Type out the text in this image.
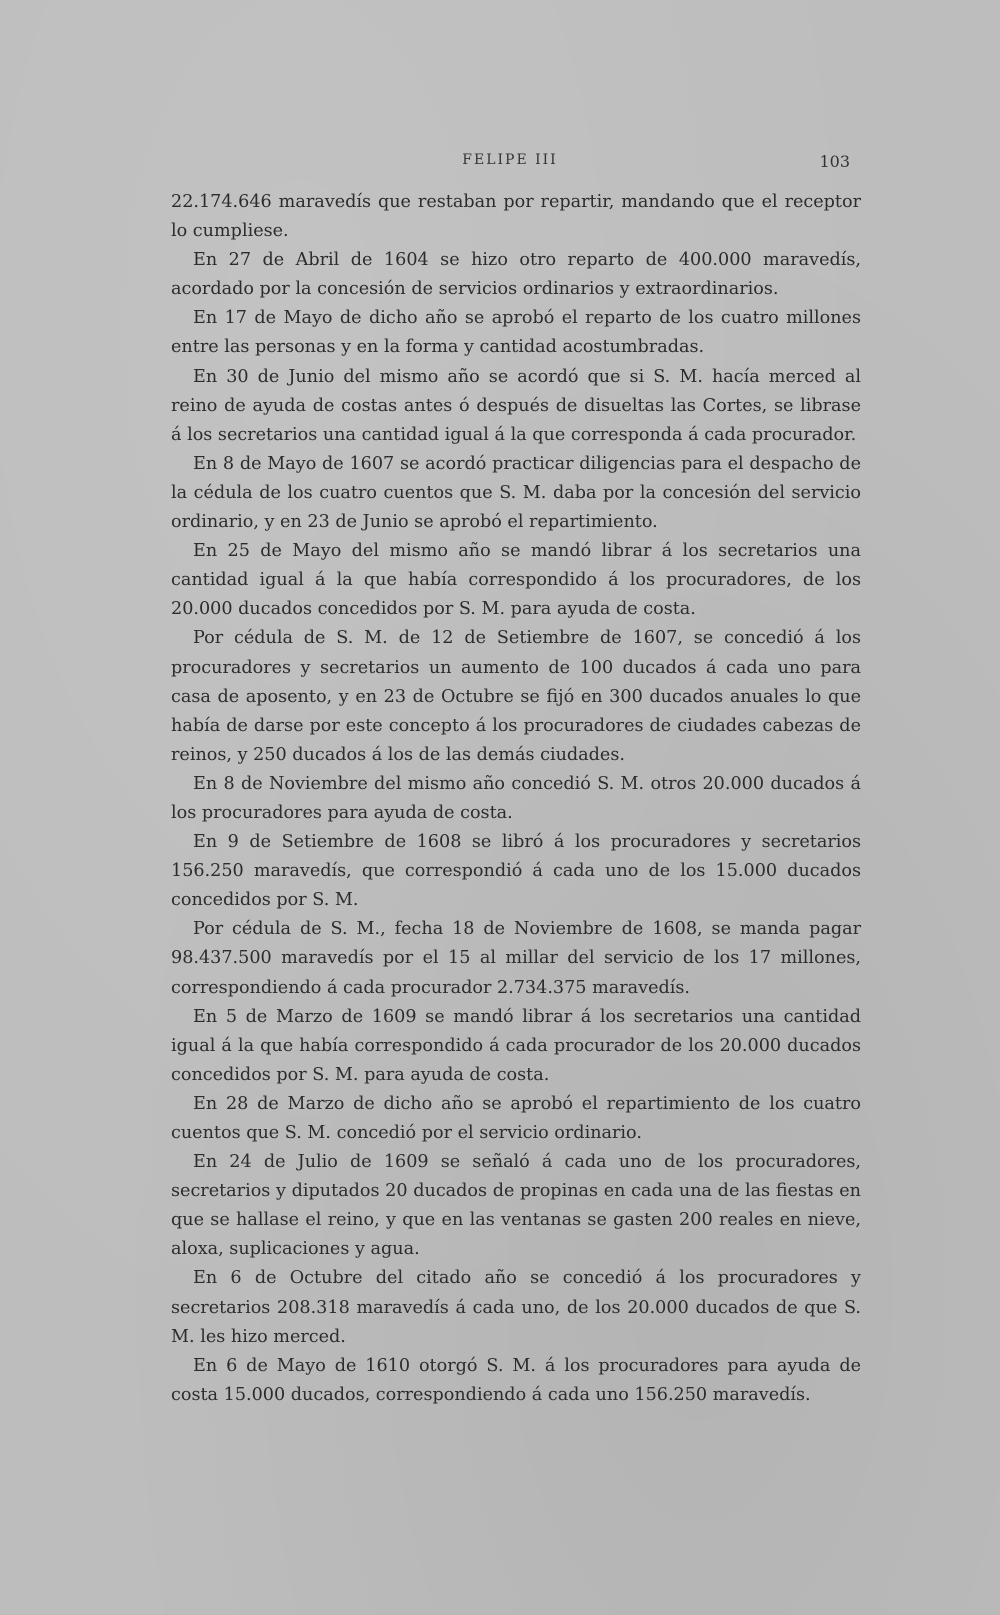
FELIPE III	103

22.174.646 maravedís que restaban por repartir, mandando que el receptor lo cumpliese.

En 27 de Abril de 1604 se hizo otro reparto de 400.000 maravedís, acordado por la concesión de servicios ordinarios y extraordinarios.

En 17 de Mayo de dicho año se aprobó el reparto de los cuatro millones entre las personas y en la forma y cantidad acostumbradas.

En 30 de Junio del mismo año se acordó que si S. M. hacía merced al reino de ayuda de costas antes ó después de disueltas las Cortes, se librase á los secretarios una cantidad igual á la que corresponda á cada procurador.

En 8 de Mayo de 1607 se acordó practicar diligencias para el despacho de la cédula de los cuatro cuentos que S. M. daba por la concesión del servicio ordinario, y en 23 de Junio se aprobó el repartimiento.

En 25 de Mayo del mismo año se mandó librar á los secretarios una cantidad igual á la que había correspondido á los procuradores, de los 20.000 ducados concedidos por S. M. para ayuda de costa.

Por cédula de S. M. de 12 de Setiembre de 1607, se concedió á los procuradores y secretarios un aumento de 100 ducados á cada uno para casa de aposento, y en 23 de Octubre se fijó en 300 ducados anuales lo que había de darse por este concepto á los procuradores de ciudades cabezas de reinos, y 250 ducados á los de las demás ciudades.

En 8 de Noviembre del mismo año concedió S. M. otros 20.000 ducados á los procuradores para ayuda de costa.

En 9 de Setiembre de 1608 se libró á los procuradores y secretarios 156.250 maravedís, que correspondió á cada uno de los 15.000 ducados concedidos por S. M.

Por cédula de S. M., fecha 18 de Noviembre de 1608, se manda pagar 98.437.500 maravedís por el 15 al millar del servicio de los 17 millones, correspondiendo á cada procurador 2.734.375 maravedís.

En 5 de Marzo de 1609 se mandó librar á los secretarios una cantidad igual á la que había correspondido á cada procurador de los 20.000 ducados concedidos por S. M. para ayuda de costa.

En 28 de Marzo de dicho año se aprobó el repartimiento de los cuatro cuentos que S. M. concedió por el servicio ordinario.

En 24 de Julio de 1609 se señaló á cada uno de los procuradores, secretarios y diputados 20 ducados de propinas en cada una de las fiestas en que se hallase el reino, y que en las ventanas se gasten 200 reales en nieve, aloxa, suplicaciones y agua.

En 6 de Octubre del citado año se concedió á los procuradores y secretarios 208.318 maravedís á cada uno, de los 20.000 ducados de que S. M. les hizo merced.

En 6 de Mayo de 1610 otorgó S. M. á los procuradores para ayuda de costa 15.000 ducados, correspondiendo á cada uno 156.250 maravedís.
